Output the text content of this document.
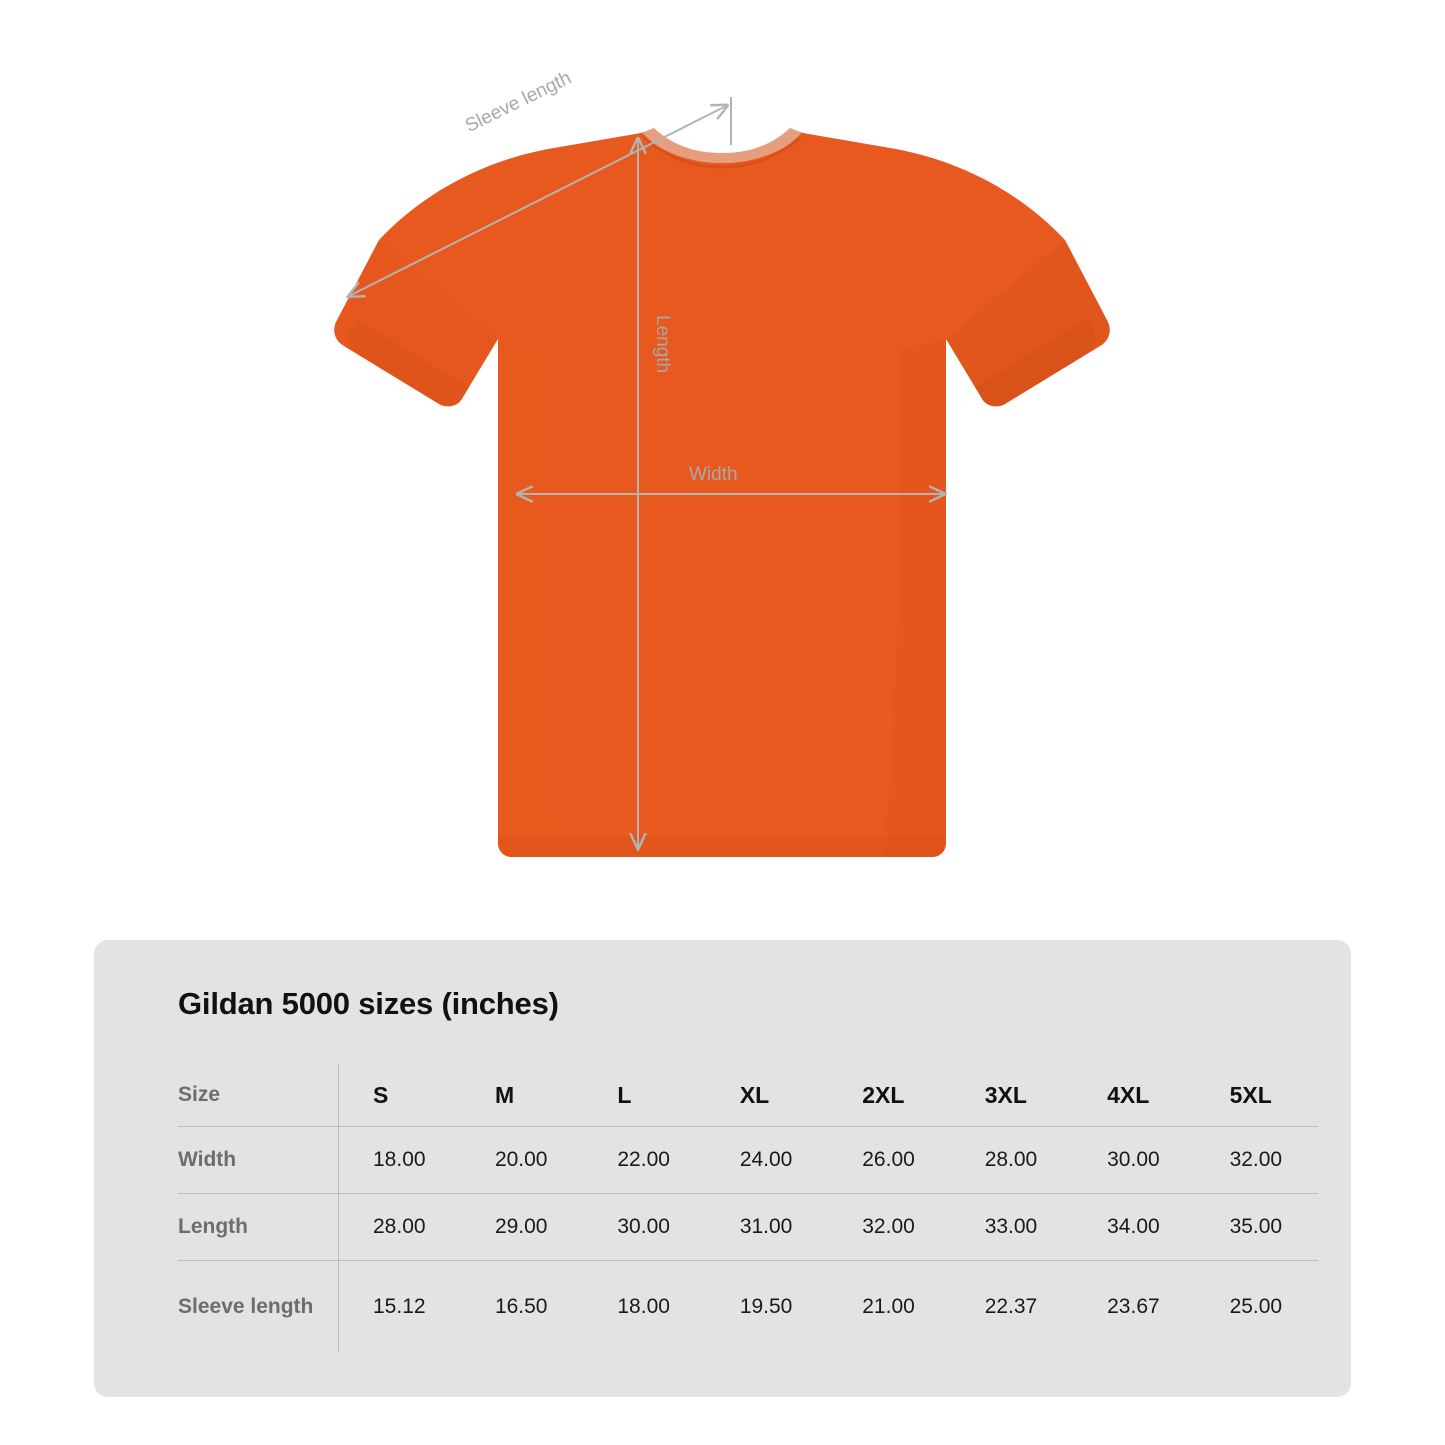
Sleeve length
Length
Width
Gildan 5000 sizes (inches)
Size	S	M	L	XL	2XL	3XL	4XL	5XL
Width	18.00	20.00	22.00	24.00	26.00	28.00	30.00	32.00
Length	28.00	29.00	30.00	31.00	32.00	33.00	34.00	35.00
Sleeve length	15.12	16.50	18.00	19.50	21.00	22.37	23.67	25.00
